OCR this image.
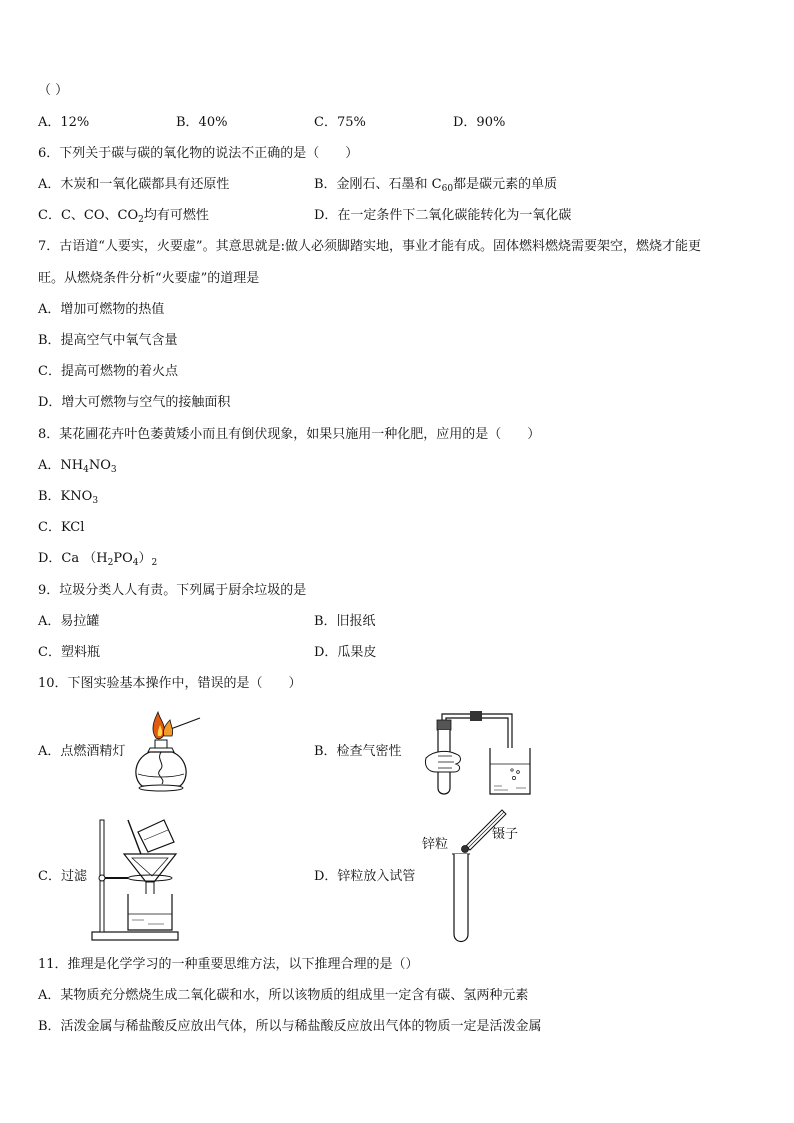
（ ）
A．12%	B．40%	C．75%	D．90%
6．下列关于碳与碳的氧化物的说法不正确的是（　　）
A．木炭和一氧化碳都具有还原性	B．金刚石、石墨和 $C_{60}$都是碳元素的单质
C．C、CO、$CO_2$均有可燃性	D．在一定条件下二氧化碳能转化为一氧化碳
7．古语道“人要实，火要虚”。其意思就是:做人必须脚踏实地，事业才能有成。固体燃料燃烧需要架空，燃烧才能更
旺。从燃烧条件分析“火要虚”的道理是
A．增加可燃物的热值
B．提高空气中氧气含量
C．提高可燃物的着火点
D．增大可燃物与空气的接触面积
8．某花圃花卉叶色萎黄矮小而且有倒伏现象，如果只施用一种化肥，应用的是（　　）
A．$NH_4NO_3$
B．$KNO_3$
C．KCl
D．Ca $(H_2PO_4)_2$
9．垃圾分类人人有责。下列属于厨余垃圾的是
A．易拉罐	B．旧报纸
C．塑料瓶	D．瓜果皮
10．下图实验基本操作中，错误的是（　　）
A．点燃酒精灯	B．检查气密性
C．过滤	D．锌粒放入试管
锌粒
镊子
11．推理是化学学习的一种重要思维方法，以下推理合理的是（）
A．某物质充分燃烧生成二氧化碳和水，所以该物质的组成里一定含有碳、氢两种元素
B．活泼金属与稀盐酸反应放出气体，所以与稀盐酸反应放出气体的物质一定是活泼金属
